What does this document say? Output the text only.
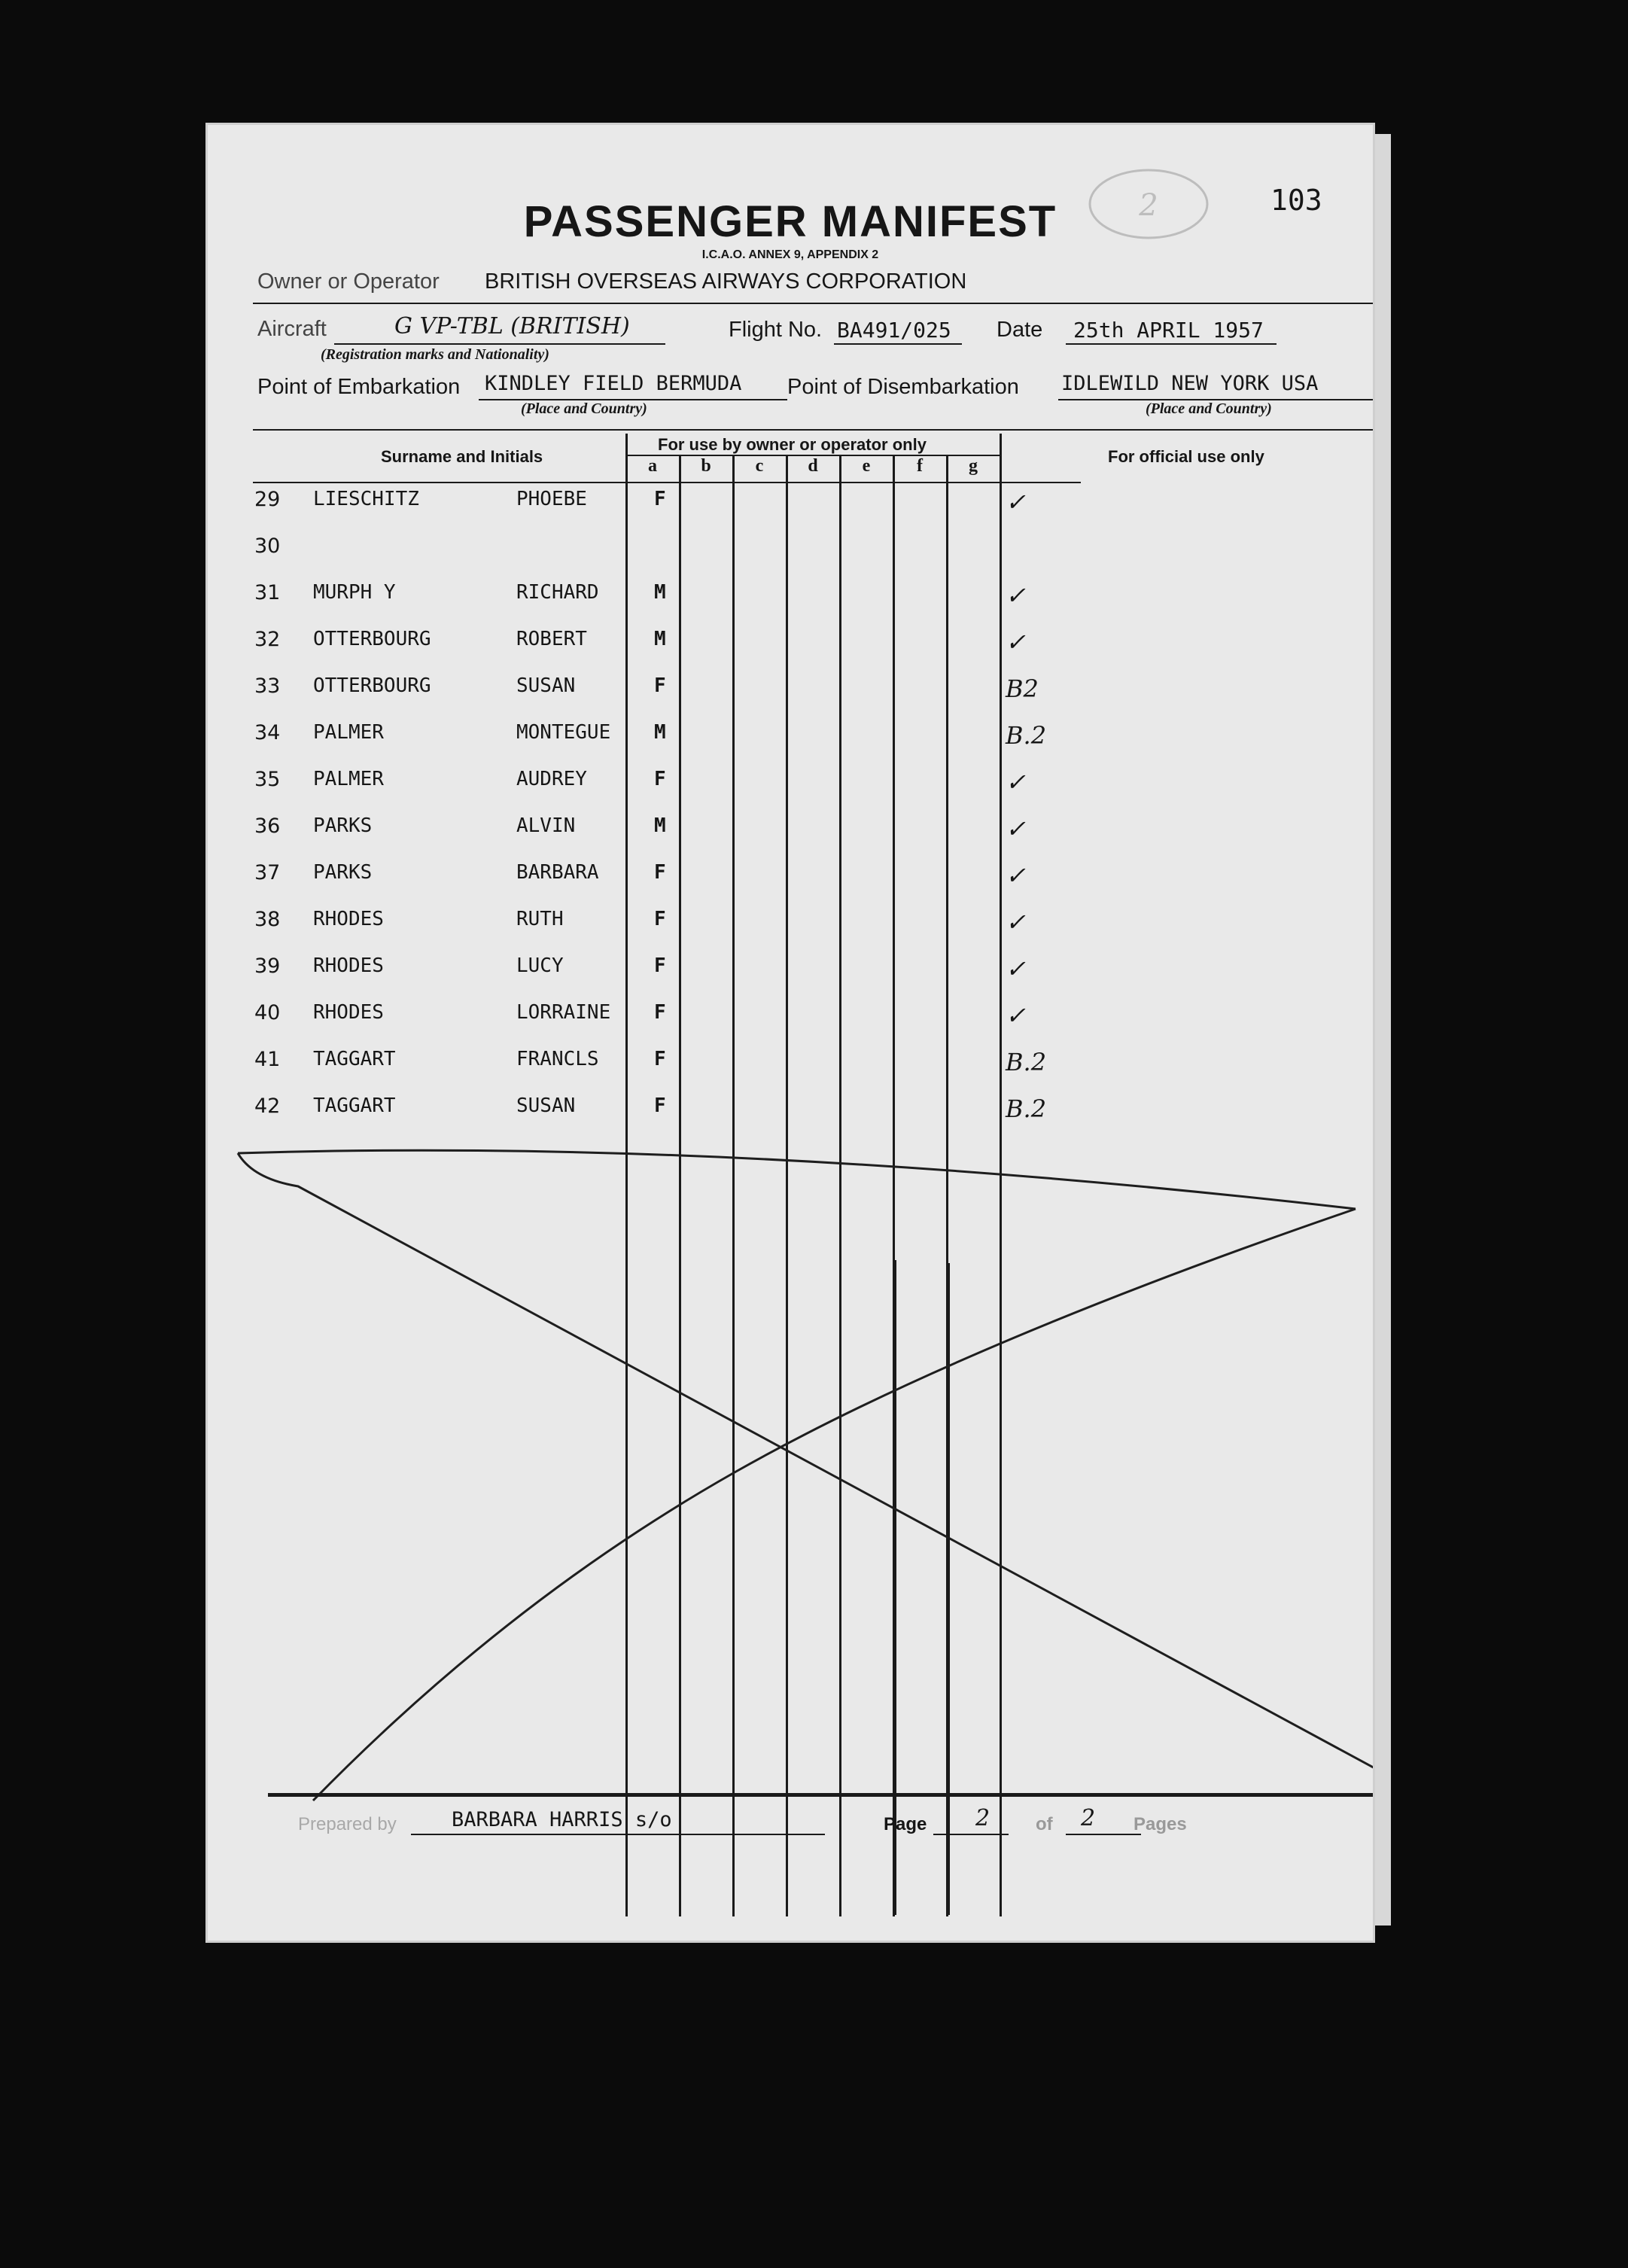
103
2
PASSENGER MANIFEST
I.C.A.O. ANNEX 9, APPENDIX 2
Owner or Operator BRITISH OVERSEAS AIRWAYS CORPORATION
Aircraft	G VP-TBL (BRITISH)
(Registration marks and Nationality)
Flight No. BA491/025 Date 25th APRIL 1957
Point of Embarkation KINDLEY FIELD BERMUDA
(Place and Country)
Point of Disembarkation IDLEWILD NEW YORK USA
(Place and Country)
Surname and Initials
For use by owner or operator only
For official use only
a	b	c	d	e	f	g
29 LIESCHITZ	PHOEBE	F	✓
30
31 MURPH Y	RICHARD	M	✓
32 OTTERBOURG	ROBERT	M	✓
33 OTTERBOURG	SUSAN	F	B2
34 PALMER	MONTEGUE M	B.2
35 PALMER	AUDREY	F	✓
36 PARKS	ALVIN	M	✓
37 PARKS	BARBARA	F	✓
38 RHODES	RUTH	F	✓
39 RHODES	LUCY	F	✓
40 RHODES	LORRAINE F	✓
41 TAGGART	FRANCLS	F	B.2
42 TAGGART	SUSAN	F	B.2
Prepared by	BARBARA HARRIS s/o	Page 2	of 2 Pages
